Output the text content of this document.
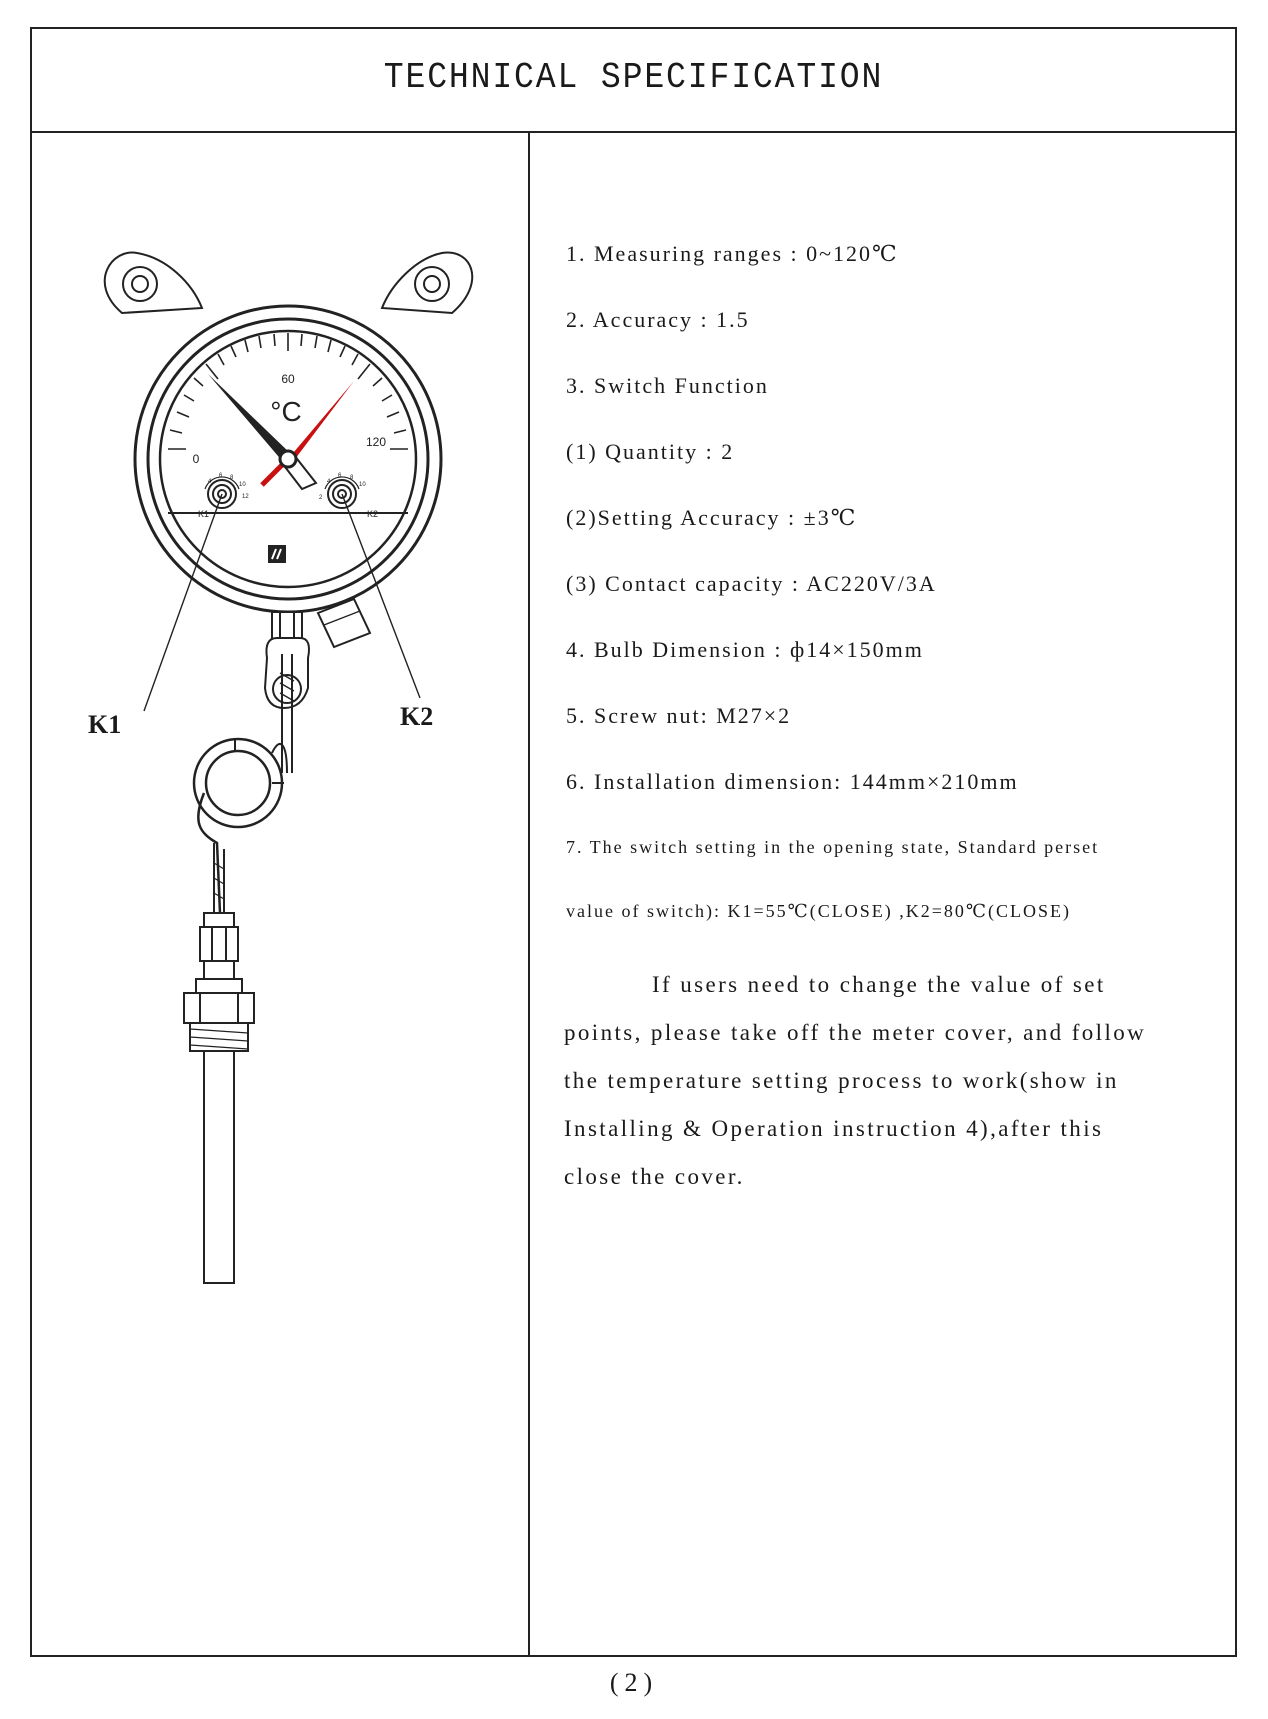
TECHNICAL SPECIFICATION
60
0
120
°C
K1	K2
4
6 8
10
12
4
6 8
10
2
K1	K2
1. Measuring ranges : 0~120℃
2. Accuracy : 1.5
3. Switch Function
(1) Quantity : 2
(2)Setting Accuracy : ±3℃
(3) Contact capacity : AC220V/3A
4. Bulb Dimension : ф14×150mm
5. Screw nut: M27×2
6. Installation dimension: 144mm×210mm
7. The switch setting in the opening state, Standard perset
value of switch): K1=55℃(CLOSE) ,K2=80℃(CLOSE)
If users need to change the value of set
points, please take off the meter cover, and follow
the temperature setting process to work(show in
Installing & Operation instruction 4),after this
close the cover.
(2)
